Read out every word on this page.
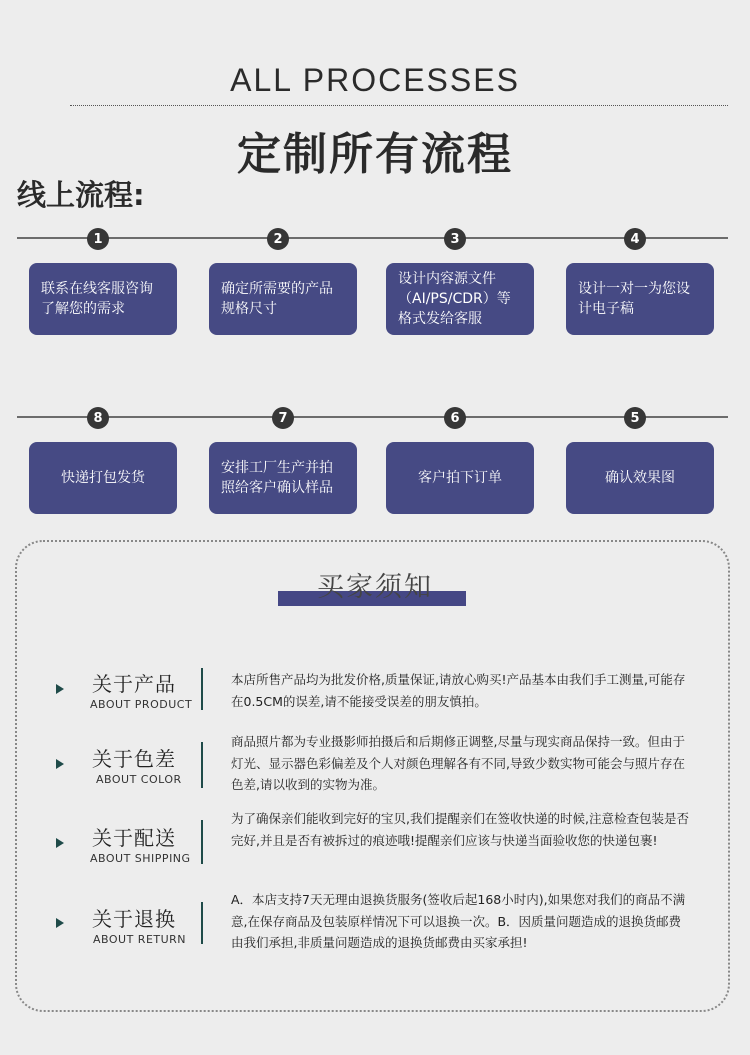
ALL PROCESSES
定制所有流程
线上流程:
1	2	3	4
联系在线客服咨询了解您的需求
确定所需要的产品规格尺寸
设计内容源文件（AI/PS/CDR）等格式发给客服
设计一对一为您设计电子稿
8	7	6	5
快递打包发货
安排工厂生产并拍照给客户确认样品
客户拍下订单	确认效果图
买家须知
关于产品
ABOUT PRODUCT
本店所售产品均为批发价格,质量保证,请放心购买!产品基本由我们手工测量,可能存在0.5CM的误差,请不能接受误差的朋友慎拍。
关于色差
ABOUT COLOR
商品照片都为专业摄影师拍摄后和后期修正调整,尽量与现实商品保持一致。但由于灯光、显示器色彩偏差及个人对颜色理解各有不同,导致少数实物可能会与照片存在色差,请以收到的实物为准。
关于配送
ABOUT SHIPPING
为了确保亲们能收到完好的宝贝,我们提醒亲们在签收快递的时候,注意检查包装是否完好,并且是否有被拆过的痕迹哦!提醒亲们应该与快递当面验收您的快递包裹!
关于退换
ABOUT RETURN
A．本店支持7天无理由退换货服务(签收后起168小时内),如果您对我们的商品不满意,在保存商品及包装原样情况下可以退换一次。B．因质量问题造成的退换货邮费由我们承担,非质量问题造成的退换货邮费由买家承担!
